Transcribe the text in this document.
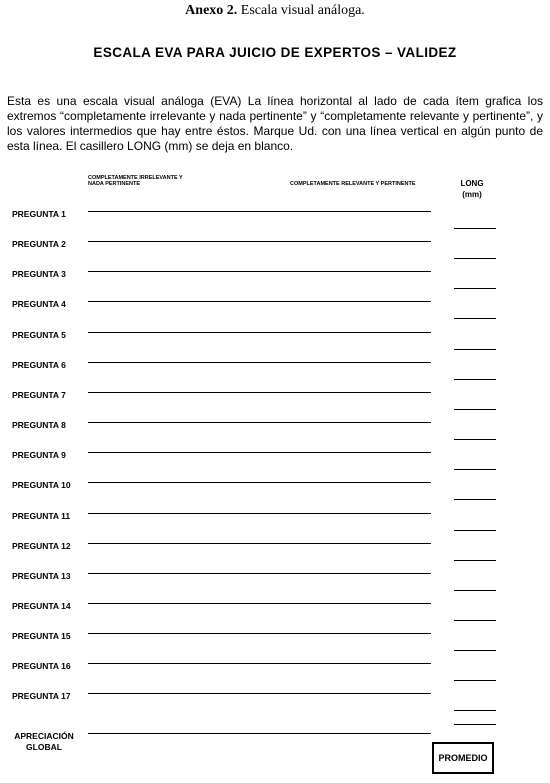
Anexo 2. Escala visual análoga.
ESCALA EVA PARA JUICIO DE EXPERTOS – VALIDEZ
Esta es una escala visual análoga (EVA) La línea horizontal al lado de cada ítem grafica los extremos “completamente irrelevante y nada pertinente” y “completamente relevante y pertinente”, y los valores intermedios que hay entre éstos. Marque Ud. con una línea vertical en algún punto de esta línea. El casillero LONG (mm) se deja en blanco.
COMPLETAMENTE IRRELEVANTE Y NADA PERTINENTE	COMPLETAMENTE RELEVANTE Y PERTINENTE	LONG
(mm)
PREGUNTA 1
PREGUNTA 2
PREGUNTA 3
PREGUNTA 4
PREGUNTA 5
PREGUNTA 6
PREGUNTA 7
PREGUNTA 8
PREGUNTA 9
PREGUNTA 10
PREGUNTA 11
PREGUNTA 12
PREGUNTA 13
PREGUNTA 14
PREGUNTA 15
PREGUNTA 16
PREGUNTA 17
APRECIACIÓN
GLOBAL
PROMEDIO
